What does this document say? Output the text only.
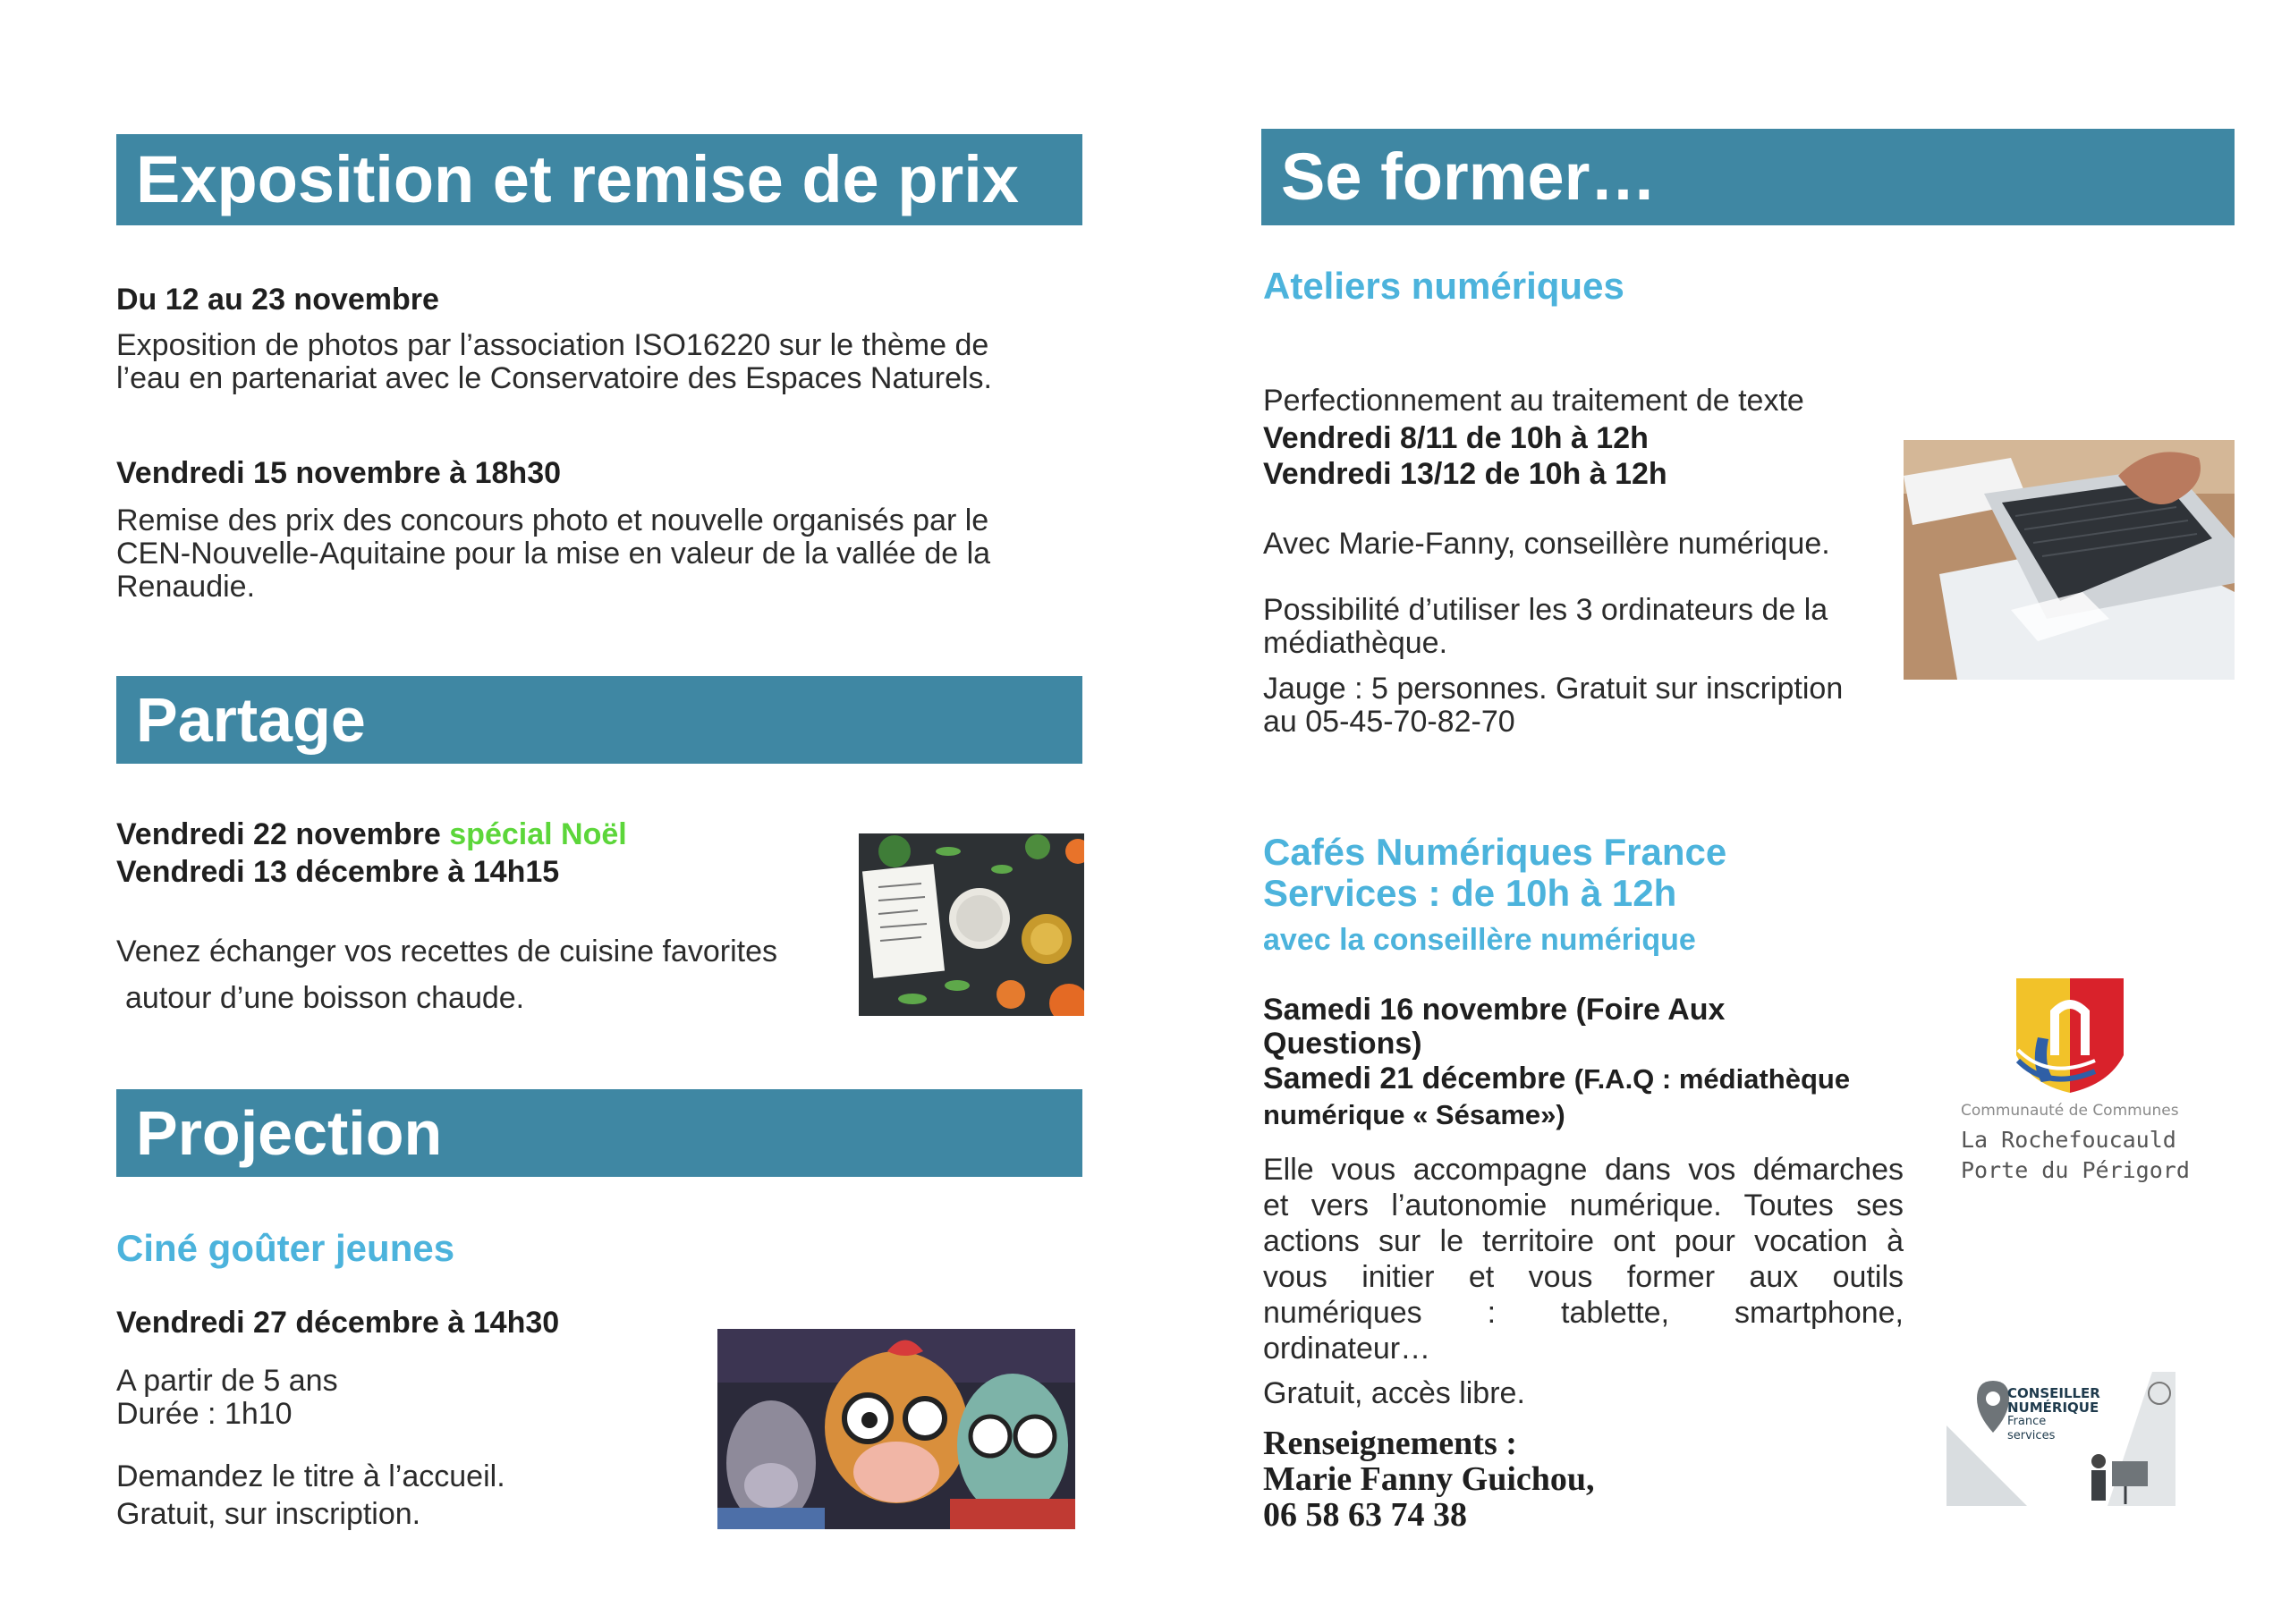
Exposition et remise de prix
Du 12 au 23 novembre
Exposition de photos par l’association ISO16220 sur le thème de
l’eau en partenariat avec le Conservatoire des Espaces Naturels.
Vendredi 15 novembre à 18h30
Remise des prix des concours photo et nouvelle organisés par le
CEN-Nouvelle-Aquitaine pour la mise en valeur de la vallée de la
Renaudie.
Partage
Vendredi 22 novembre spécial Noël
Vendredi 13 décembre à 14h15
Venez échanger vos recettes de cuisine favorites
autour d’une boisson chaude.
Projection
Ciné goûter jeunes
Vendredi 27 décembre à 14h30
A partir de 5 ans
Durée : 1h10
Demandez le titre à l’accueil.
Gratuit, sur inscription.
Se former…
Ateliers numériques
Perfectionnement au traitement de texte
Vendredi 8/11 de 10h à 12h
Vendredi 13/12 de 10h à 12h
Avec Marie-Fanny, conseillère numérique.
Possibilité d’utiliser les 3 ordinateurs de la
médiathèque.
Jauge : 5 personnes. Gratuit sur inscription
au 05-45-70-82-70
Cafés Numériques France
Services : de 10h à 12h
avec la conseillère numérique
Samedi 16 novembre (Foire Aux
Questions)
Samedi 21 décembre (F.A.Q : médiathèque
numérique « Sésame»)
Elle vous accompagne dans vos démarches
et vers l’autonomie numérique. Toutes ses
actions sur le territoire ont pour vocation à
vous initier et vous former aux outils
numériques : tablette, smartphone,
ordinateur…
Gratuit, accès libre.
Renseignements :
Marie Fanny Guichou,
06 58 63 74 38
Communauté de Communes
La Rochefoucauld
Porte du Périgord
CONSEILLER
NUMÉRIQUE
France
services
